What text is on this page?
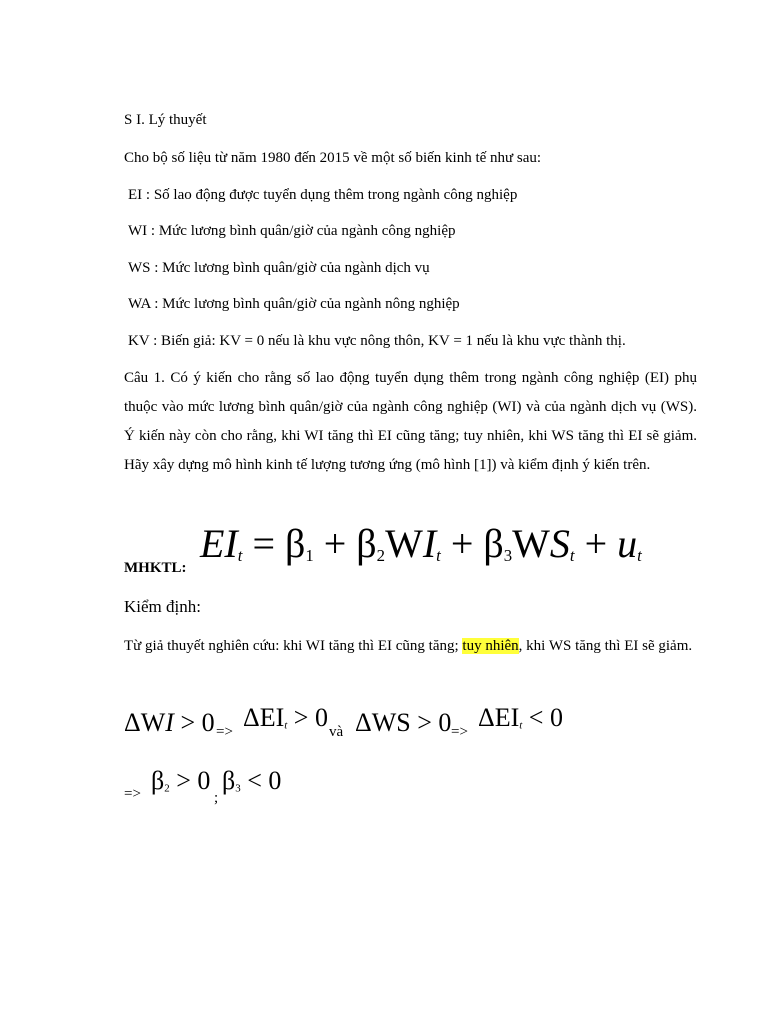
S I. Lý thuyết
Cho bộ số liệu từ năm 1980 đến 2015 về một số biến kinh tế như sau:
EI : Số lao động được tuyển dụng thêm trong ngành công nghiệp
WI : Mức lương bình quân/giờ của ngành công nghiệp
WS : Mức lương bình quân/giờ của ngành dịch vụ
WA : Mức lương bình quân/giờ của ngành nông nghiệp
KV : Biến giả: KV = 0 nếu là khu vực nông thôn, KV = 1 nếu là khu vực thành thị.
Câu 1. Có ý kiến cho rằng số lao động tuyển dụng thêm trong ngành công nghiệp (EI) phụ thuộc vào mức lương bình quân/giờ của ngành công nghiệp (WI) và của ngành dịch vụ (WS). Ý kiến này còn cho rằng, khi WI tăng thì EI cũng tăng; tuy nhiên, khi WS tăng thì EI sẽ giảm. Hãy xây dựng mô hình kinh tế lượng tương ứng (mô hình [1]) và kiểm định ý kiến trên.
MHKTL:
$EI_t = \beta_1 + \beta_2WI_t + \beta_3WS_t + u_t$
Kiểm định:
Từ giả thuyết nghiên cứu: khi WI tăng thì EI cũng tăng; tuy nhiên, khi WS tăng thì EI sẽ giảm.
$\Delta WI > 0 => \Delta EI_t > 0$ và $\Delta WS > 0 => \Delta EI_t < 0$
=> $\beta_2 > 0$
;
$\beta_3 < 0$
